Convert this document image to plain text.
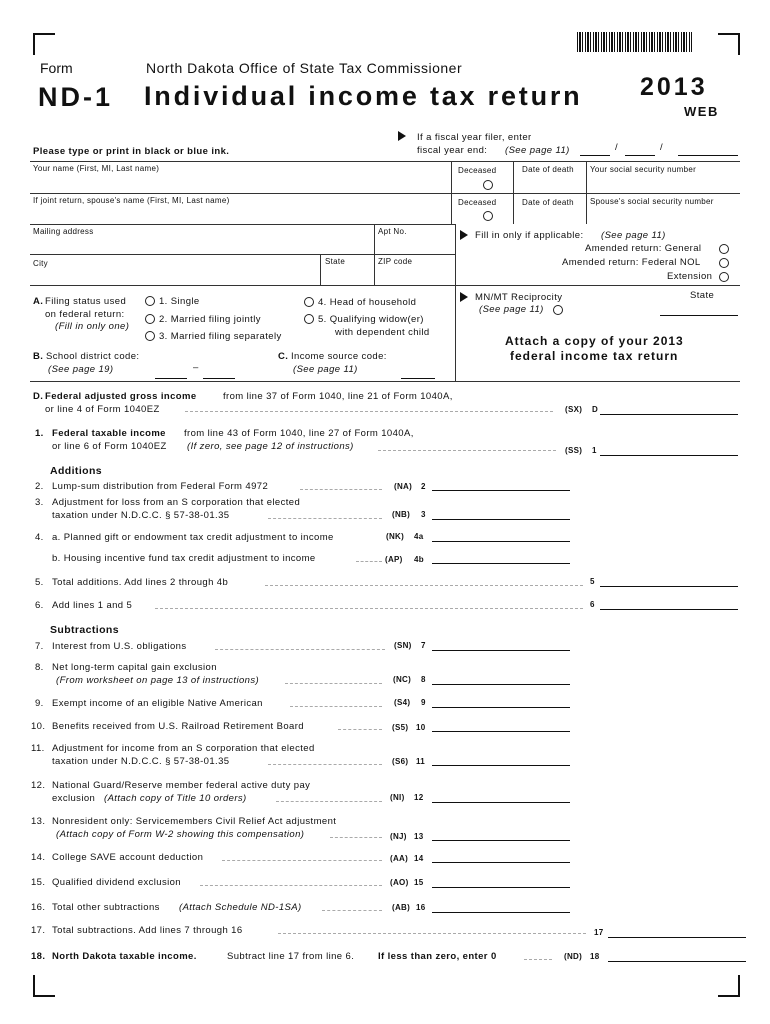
Form	North Dakota Office of State Tax Commissioner
ND-1 Individual income tax return 2013
WEB
Please type or print in black or blue ink.
If a fiscal year filer, enter
fiscal year end: (See page 11)	/	/
Your name (First, MI, Last name)	Deceased	Date of death Your social security number
If joint return, spouse's name (First, MI, Last name)	Deceased	Date of death Spouse's social security number
Mailing address	Apt No.
City	State	ZIP code
Fill in only if applicable: (See page 11)
Amended return: General
Amended return: Federal NOL
Extension
A. Filing status used
on federal return:
(Fill in only one)
1. Single
2. Married filing jointly
3. Married filing separately
4. Head of household
5. Qualifying widow(er)
with dependent child
MN/MT Reciprocity
(See page 11)
State
Attach a copy of your 2013
federal income tax return
B. School district code:
(See page 19)	–
C. Income source code:
(See page 11)
D. Federal adjusted gross income	from line 37 of Form 1040, line 21 of Form 1040A,
or line 4 of Form 1040EZ	(SX) D
1. Federal taxable income from line 43 of Form 1040, line 27 of Form 1040A,
or line 6 of Form 1040EZ (If zero, see page 12 of instructions)	(SS) 1
Additions
2. Lump-sum distribution from Federal Form 4972	(NA) 2
3. Adjustment for loss from an S corporation that elected
taxation under N.D.C.C. § 57-38-01.35	(NB) 3
4. a. Planned gift or endowment tax credit adjustment to income	(NK) 4a
b. Housing incentive fund tax credit adjustment to income	(AP) 4b
5. Total additions. Add lines 2 through 4b	5
6. Add lines 1 and 5	6
Subtractions
7. Interest from U.S. obligations	(SN) 7
8. Net long-term capital gain exclusion
(From worksheet on page 13 of instructions)	(NC) 8
9. Exempt income of an eligible Native American	(S4) 9
10. Benefits received from U.S. Railroad Retirement Board	(S5) 10
11. Adjustment for income from an S corporation that elected
taxation under N.D.C.C. § 57-38-01.35	(S6) 11
12. National Guard/Reserve member federal active duty pay
exclusion (Attach copy of Title 10 orders)	(NI) 12
13. Nonresident only: Servicemembers Civil Relief Act adjustment
(Attach copy of Form W-2 showing this compensation)	(NJ) 13
14. College SAVE account deduction	(AA) 14
15. Qualified dividend exclusion	(AO) 15
16. Total other subtractions (Attach Schedule ND-1SA)	(AB) 16
17. Total subtractions. Add lines 7 through 16	17
18. North Dakota taxable income.	Subtract line 17 from line 6.	If less than zero, enter 0	(ND) 18
